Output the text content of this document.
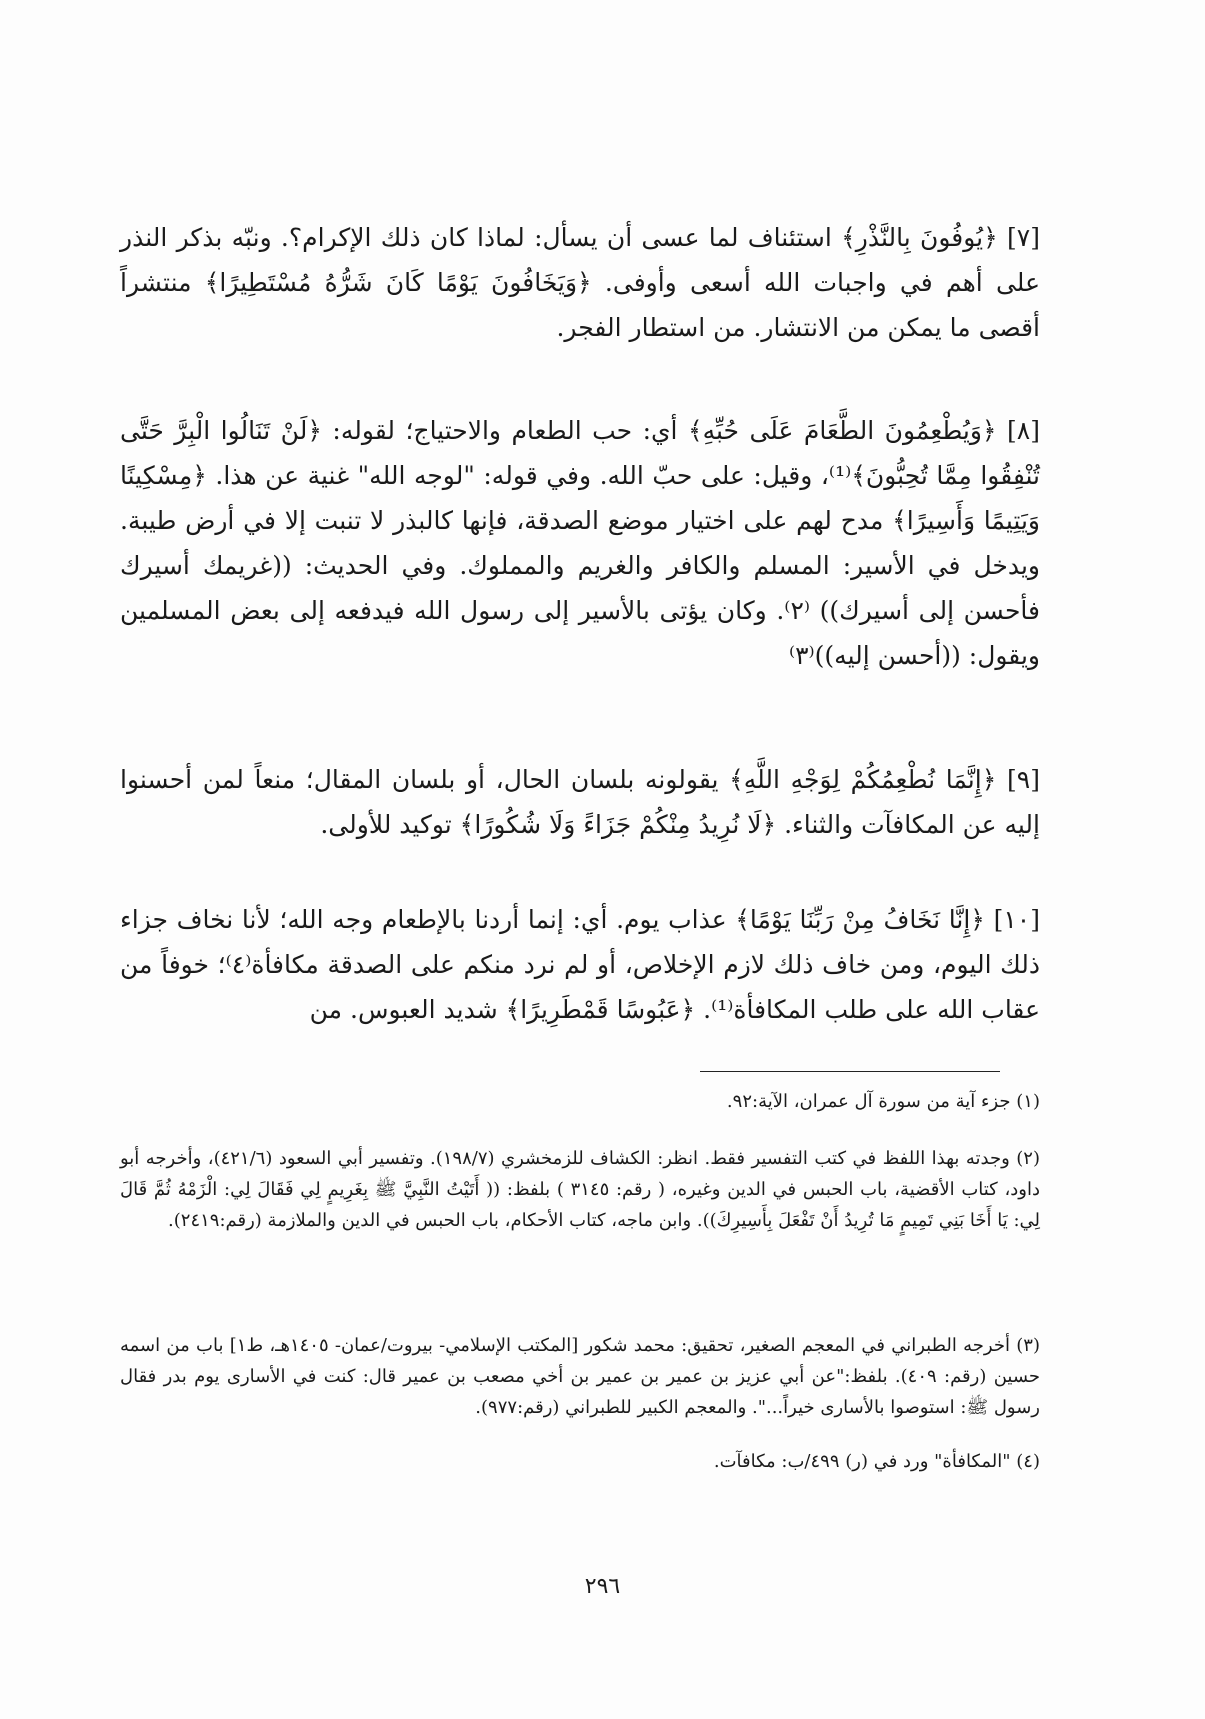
[٧] ﴿يُوفُونَ بِالنَّذْرِ﴾ استئناف لما عسى أن يسأل: لماذا كان ذلك الإكرام؟. ونبّه بذكر النذر على أهم في واجبات الله أسعى وأوفى. ﴿وَيَخَافُونَ يَوْمًا كَانَ شَرُّهُ مُسْتَطِيرًا﴾ منتشراً أقصى ما يمكن من الانتشار. من استطار الفجر.
[٨] ﴿وَيُطْعِمُونَ الطَّعَامَ عَلَى حُبِّهِ﴾ أي: حب الطعام والاحتياج؛ لقوله: ﴿لَنْ تَنَالُوا الْبِرَّ حَتَّى تُنْفِقُوا مِمَّا تُحِبُّونَ﴾⁽¹⁾، وقيل: على حبّ الله. وفي قوله: "لوجه الله" غنية عن هذا. ﴿مِسْكِينًا وَيَتِيمًا وَأَسِيرًا﴾ مدح لهم على اختيار موضع الصدقة، فإنها كالبذر لا تنبت إلا في أرض طيبة. ويدخل في الأسير: المسلم والكافر والغريم والمملوك. وفي الحديث: ((غريمك أسيرك فأحسن إلى أسيرك)) ⁽٢⁾. وكان يؤتى بالأسير إلى رسول الله فيدفعه إلى بعض المسلمين ويقول: ((أحسن إليه))⁽٣⁾
[٩] ﴿إِنَّمَا نُطْعِمُكُمْ لِوَجْهِ اللَّهِ﴾ يقولونه بلسان الحال، أو بلسان المقال؛ منعاً لمن أحسنوا إليه عن المكافآت والثناء. ﴿لَا نُرِيدُ مِنْكُمْ جَزَاءً وَلَا شُكُورًا﴾ توكيد للأولى.
[١٠] ﴿إِنَّا نَخَافُ مِنْ رَبِّنَا يَوْمًا﴾ عذاب يوم. أي: إنما أردنا بالإطعام وجه الله؛ لأنا نخاف جزاء ذلك اليوم، ومن خاف ذلك لازم الإخلاص، أو لم نرد منكم على الصدقة مكافأة⁽٤⁾؛ خوفاً من عقاب الله على طلب المكافأة⁽¹⁾. ﴿عَبُوسًا قَمْطَرِيرًا﴾ شديد العبوس. من
(١) جزء آية من سورة آل عمران، الآية:٩٢.
(٢) وجدته بهذا اللفظ في كتب التفسير فقط. انظر: الكشاف للزمخشري (١٩٨/٧). وتفسير أبي السعود (٤٢١/٦)، وأخرجه أبو داود، كتاب الأقضية، باب الحبس في الدين وغيره، ( رقم: ٣١٤٥ ) بلفظ: (( أَتَيْتُ النَّبِيَّ ﷺ بِغَرِيمٍ لِي فَقَالَ لِي: الْزَمْهُ ثُمَّ قَالَ لِي: يَا أَخَا بَنِي تَمِيمٍ مَا تُرِيدُ أَنْ تَفْعَلَ بِأَسِيرِكَ)). وابن ماجه، كتاب الأحكام، باب الحبس في الدين والملازمة (رقم:٢٤١٩).
(٣) أخرجه الطبراني في المعجم الصغير، تحقيق: محمد شكور [المكتب الإسلامي- بيروت/عمان- ١٤٠٥هـ، ط١] باب من اسمه حسين (رقم: ٤٠٩). بلفظ:"عن أبي عزيز بن عمير بن عمير بن أخي مصعب بن عمير قال: كنت في الأسارى يوم بدر فقال رسول ﷺ: استوصوا بالأسارى خيراً...". والمعجم الكبير للطبراني (رقم:٩٧٧).
(٤) "المكافأة" ورد في (ر) ٤٩٩/ب: مكافآت.
٢٩٦
